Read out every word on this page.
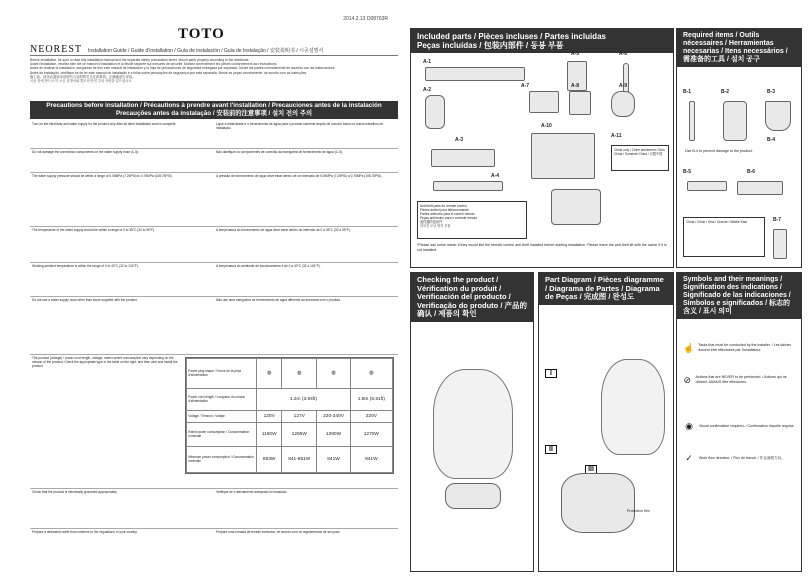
2014.2.13 D08763R
TOTO
NEOREST Installation Guide / Guide d'installation / Guía de instalación / Guia de Instalação / 安装说明书 / 시공설명서
Before installation, be sure to read this installation manual and the separate safety precautions sheet. Mount parts properly according to the directions.
Avant l'installation, veuillez bien lire ce manuel d'installation et la feuille séparée sur mesures de sécurité. Montez correctement les pièces conformément aux instructions.
Antes de realizar la instalación, asegúrese de leer este manual de instalación y la hoja de precauciones de seguridad entregada por separado. Monte las partes correctamente de acuerdo con las instrucciones.
Antes da instalação, certifique-se de ler este manual de instalação e a folha sobre precauções de segurança que está separada. Monte as peças corretamente, de acordo com as instruções.
施工前，请务必阅读本说明书与另附的安全注意事项。正确地进行安装。
시공 전에 반드시 이 시공 설명서와 별도의 안전 주의 사항을 읽으십시오.
Precautions before installation / Précautions à prendre avant l'installation / Precauciones antes de la instalación
Precauções antes da instalação / 安装前的注意事项 / 설치 전의 주의
Turn on the electricity and water supply for the product only after all other installation work is complete.	Ligue a eletricidade e o fornecimento de água para o produto somente depois de concluir todos os outros trabalhos de instalação.
Do not damage the connection components on the water supply hose (C-5).	Não danifique os componentes de conexão da mangueira de fornecimento de água (C-5).
The water supply pressure should be within a range of 0.05MPa (7.25PSI) to 0.75MPa (108.75PSI).	A pressão de fornecimento de água deve estar dentro de um intervalo de 0,05MPa (7,25PSI) a 0,75MPa (108,75PSI).
The temperature of the water supply should be within a range of 0 to 35°C (32 to 95°F).	A temperatura do fornecimento de água deve estar dentro do intervalo de 0 a 35°C (32 a 95°F).
Working ambient temperature is within the range of 0 to 40°C (32 to 104°F).	A temperatura do ambiente de funcionamento é de 0 a 40°C (32 a 104°F).
Do not use a water supply hose other than those supplied with the product.	Não use uma mangueira de fornecimento de água diferente da fornecida com o produto.
The product (voltage) / power cord length, voltage, rated current consumption vary depending on the version of the product. Check the appropriate type in the table on the right, and then wire and install the product.
Power plug shape / Forme de la prise d'alimentation	◍	◍	◍	◍
Power cord length / Longueur du cordon d'alimentation	1.2m (3.94ft)			1.8m (5.91ft)
Voltage / Tension / Voltaje	120V	127V	220-240V	220V
Rated power consumption / Consommation nominale	1160W	1295W	1290W	1270W
Minimum power consumption / Consommation minimale	863W	841-851W	841W	841W
Check that the product is electrically grounded appropriately.	Verifique se o aterramento adequado foi instalado.
Prepare a dedicated outlet that conforms to the regulations of your country.	Prepare uma tomada de tensão exclusiva, de acordo com os regulamentos de seu país.
Included parts / Pièces incluses / Partes incluidas
Peças incluídas / 包装内部件 / 동봉 부품
A-1
A-2
A-5	A-6
A-7	A-8	A-9
A-10
A-3
A-4
A-11
China only / Chine seulement / Solo China / Somente China / 仅限中国
Anti-theft parts for remote control
Pièces antivol pour télécommande
Partes antirrobo para el control remoto
Peças antirroubo para o controle remoto
遥控器防盗部件
리모컨 도난 방지 부품
*Please ask home owner if they would like the remote control anti-theft installed before starting installation. Please leave the anti-theft kit with the owner if it is not installed.
Required items / Outils nécessaires / Herramientas necesarias / Itens necessários / 需准备的工具 / 설치 공구
B-1	B-2	B-3
B-4
Use B-4 to prevent damage to the product.
B-5	B-6
China / Chine / Kina / Grande / Middle East	B-7
Checking the product / Vérification du produit / Verificación del producto / Verificação do produto / 产品的确认 / 제품의 확인
Part Diagram / Pièces diagramme / Diagrama de Partes / Diagrama de Peças / 完成图 / 완성도
I
II
III
Protective film
Symbols and their meanings / Signification des indications / Significado de las indicaciones / Símbolos e significados / 标志的含义 / 표시 의미
☝ Tasks that must be conducted by the installer. / Les tâches doivent être effectuées par l'installateur.
⊘ Actions that are NEVER to be performed. / Actions qui ne doivent JAMAIS être effectuées.
◉	Visual confirmation required. / Confirmation visuelle requise.
✓	Work flow direction. / Flux de travail. / 作业流程方向。
